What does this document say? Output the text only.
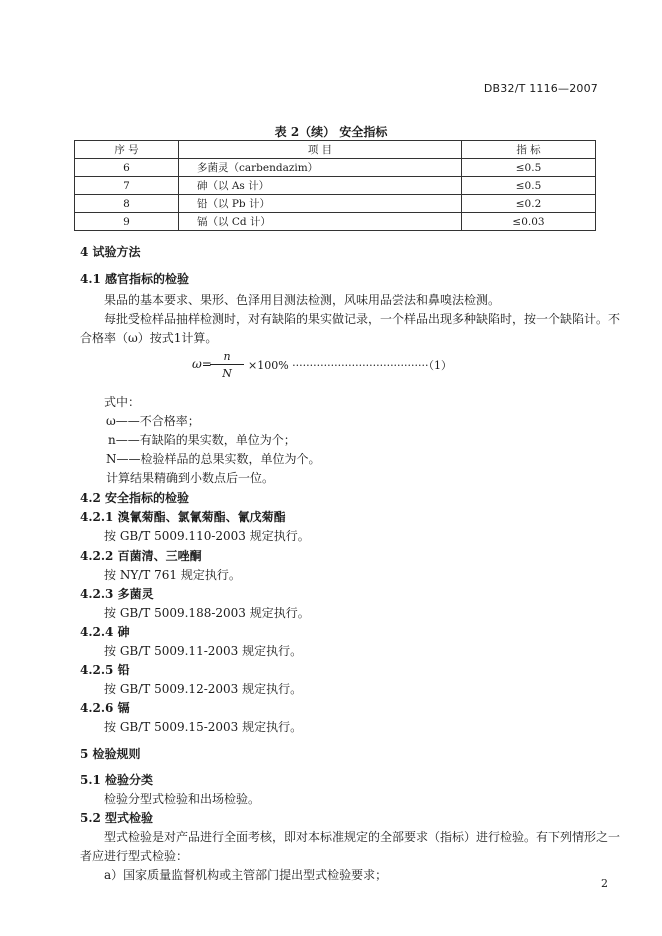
DB32/T 1116—2007
表 2（续） 安全指标
序 号	项 目	指 标
6	多菌灵（carbendazim）	≤0.5
7	砷（以 As 计）	≤0.5
8	铅（以 Pb 计）	≤0.2
9	镉（以 Cd 计）	≤0.03
4 试验方法
4.1 感官指标的检验
果品的基本要求、果形、色泽用目测法检测，风味用品尝法和鼻嗅法检测。
每批受检样品抽样检测时，对有缺陷的果实做记录，一个样品出现多种缺陷时，按一个缺陷计。不
合格率（ω）按式1计算。
ω=
n
N
×100% ·······································（1）
式中：
ω——不合格率；
n——有缺陷的果实数，单位为个；
N——检验样品的总果实数，单位为个。
计算结果精确到小数点后一位。
4.2 安全指标的检验
4.2.1 溴氰菊酯、氯氰菊酯、氰戊菊酯
按 GB/T 5009.110-2003 规定执行。
4.2.2 百菌清、三唑酮
按 NY/T 761 规定执行。
4.2.3 多菌灵
按 GB/T 5009.188-2003 规定执行。
4.2.4 砷
按 GB/T 5009.11-2003 规定执行。
4.2.5 铅
按 GB/T 5009.12-2003 规定执行。
4.2.6 镉
按 GB/T 5009.15-2003 规定执行。
5 检验规则
5.1 检验分类
检验分型式检验和出场检验。
5.2 型式检验
型式检验是对产品进行全面考核，即对本标准规定的全部要求（指标）进行检验。有下列情形之一
者应进行型式检验：
a）国家质量监督机构或主管部门提出型式检验要求；
2
